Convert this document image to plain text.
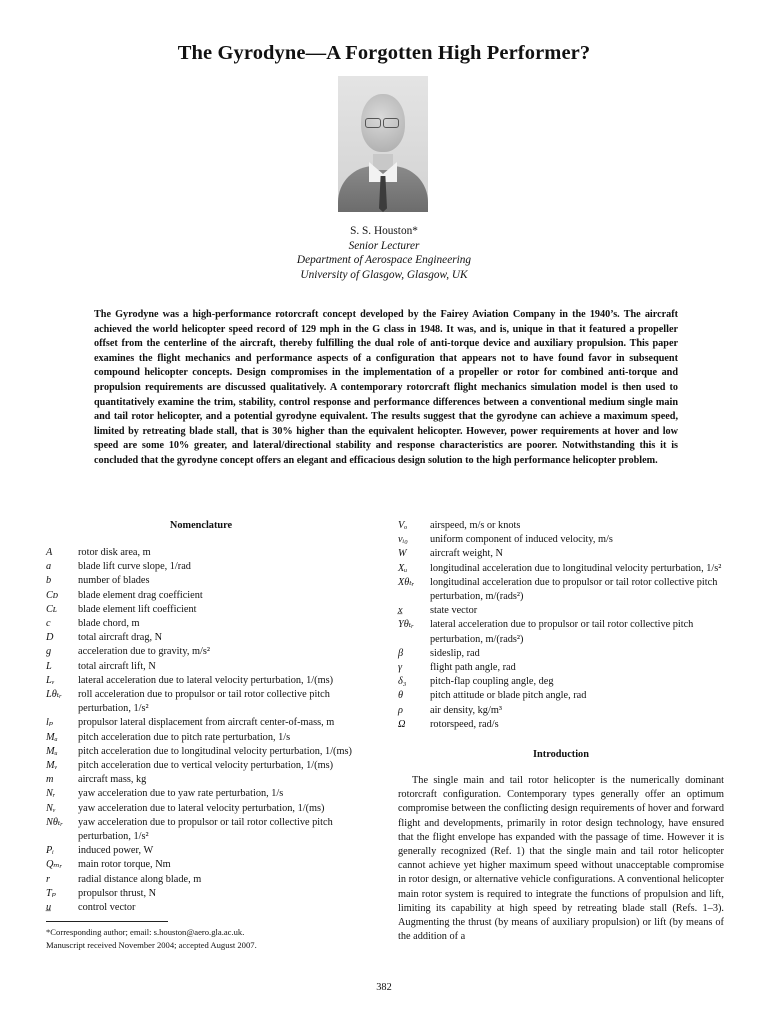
The Gyrodyne—A Forgotten High Performer?
S. S. Houston*
Senior Lecturer
Department of Aerospace Engineering
University of Glasgow, Glasgow, UK
The Gyrodyne was a high-performance rotorcraft concept developed by the Fairey Aviation Company in the 1940’s. The aircraft achieved the world helicopter speed record of 129 mph in the G class in 1948. It was, and is, unique in that it featured a propeller offset from the centerline of the aircraft, thereby fulfilling the dual role of anti-torque device and auxiliary propulsion. This paper examines the flight mechanics and performance aspects of a configuration that appears not to have found favor in subsequent compound helicopter concepts. Design compromises in the implementation of a propeller or rotor for combined anti-torque and propulsion requirements are discussed qualitatively. A contemporary rotorcraft flight mechanics simulation model is then used to quantitatively examine the trim, stability, control response and performance differences between a conventional medium single main and tail rotor helicopter, and a potential gyrodyne equivalent. The results suggest that the gyrodyne can achieve a maximum speed, limited by retreating blade stall, that is 30% higher than the equivalent helicopter. However, power requirements at hover and low speed are some 10% greater, and lateral/directional stability and response characteristics are poorer. Notwithstanding this it is concluded that the gyrodyne concept offers an elegant and efficacious design solution to the high performance helicopter problem.
Nomenclature
A	rotor disk area, m
a	blade lift curve slope, 1/rad
b	number of blades
Cᴅ	blade element drag coefficient
Cʟ	blade element lift coefficient
c	blade chord, m
D	total aircraft drag, N
g	acceleration due to gravity, m/s²
L	total aircraft lift, N
Lᵥ	lateral acceleration due to lateral velocity perturbation, 1/(ms)
Lθₜᵣ	roll acceleration due to propulsor or tail rotor collective pitch perturbation, 1/s²
lₚ	propulsor lateral displacement from aircraft center-of-mass, m
Mₐ	pitch acceleration due to pitch rate perturbation, 1/s
Mᵤ	pitch acceleration due to longitudinal velocity perturbation, 1/(ms)
Mᵥ	pitch acceleration due to vertical velocity perturbation, 1/(ms)
m	aircraft mass, kg
Nᵣ	yaw acceleration due to yaw rate perturbation, 1/s
Nᵥ	yaw acceleration due to lateral velocity perturbation, 1/(ms)
Nθₜᵣ	yaw acceleration due to propulsor or tail rotor collective pitch perturbation, 1/s²
Pᵢ	induced power, W
Qₘᵣ	main rotor torque, Nm
r	radial distance along blade, m
Tₚ	propulsor thrust, N
u̲	control vector
*Corresponding author; email: s.houston@aero.gla.ac.uk.
Manuscript received November 2004; accepted August 2007.
Vₒ	airspeed, m/s or knots
vᵢ₀	uniform component of induced velocity, m/s
W	aircraft weight, N
Xᵤ	longitudinal acceleration due to longitudinal velocity perturbation, 1/s²
Xθₜᵣ	longitudinal acceleration due to propulsor or tail rotor collective pitch perturbation, m/(rads²)
x̲	state vector
Yθₜᵣ	lateral acceleration due to propulsor or tail rotor collective pitch perturbation, m/(rads²)
β	sideslip, rad
γ	flight path angle, rad
δ₃	pitch-flap coupling angle, deg
θ	pitch attitude or blade pitch angle, rad
ρ	air density, kg/m³
Ω	rotorspeed, rad/s
Introduction
The single main and tail rotor helicopter is the numerically dominant rotorcraft configuration. Contemporary types generally offer an optimum compromise between the conflicting design requirements of hover and forward flight and developments, primarily in rotor design technology, have ensured that the flight envelope has expanded with the passage of time. However it is generally recognized (Ref. 1) that the single main and tail rotor helicopter cannot achieve yet higher maximum speed without unacceptable compromise in rotor design, or alternative vehicle configurations. A conventional helicopter main rotor system is required to integrate the functions of propulsion and lift, limiting its capability at high speed by retreating blade stall (Refs. 1–3). Augmenting the thrust (by means of auxiliary propulsion) or lift (by means of the addition of a
382
